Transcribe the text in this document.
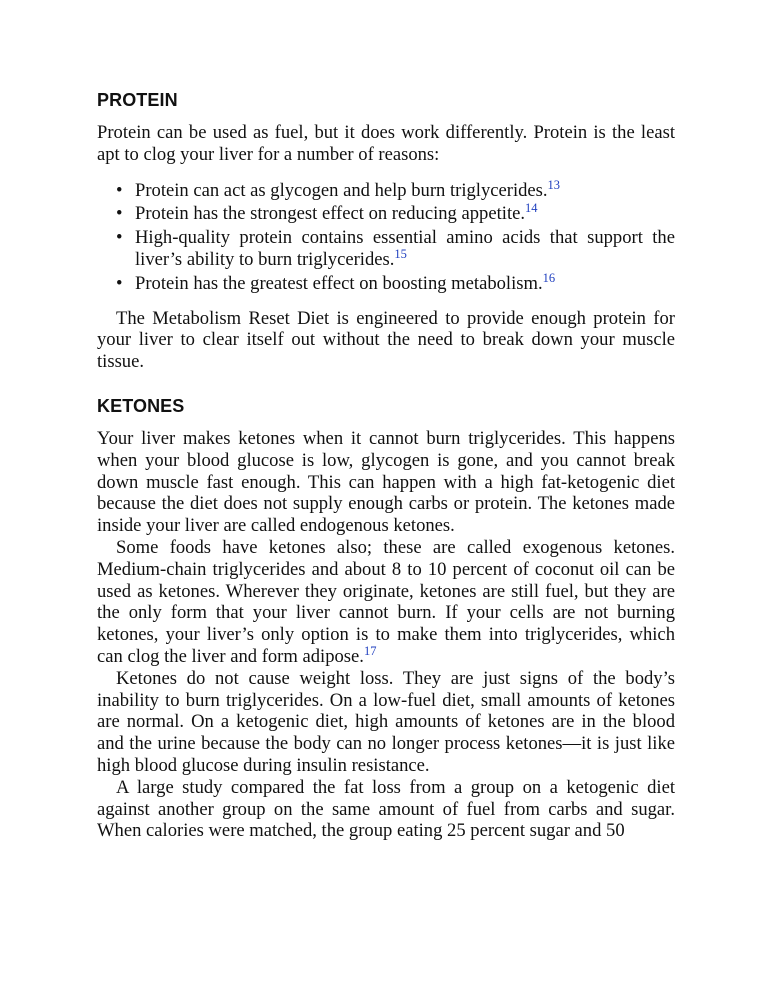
PROTEIN

Protein can be used as fuel, but it does work differently. Protein is the least apt to clog your liver for a number of reasons:

• Protein can act as glycogen and help burn triglycerides.$^{13}$
• Protein has the strongest effect on reducing appetite.$^{14}$
• High-quality protein contains essential amino acids that support the liver’s ability to burn triglycerides.$^{15}$
• Protein has the greatest effect on boosting metabolism.$^{16}$

The Metabolism Reset Diet is engineered to provide enough protein for your liver to clear itself out without the need to break down your muscle tissue.

KETONES

Your liver makes ketones when it cannot burn triglycerides. This happens when your blood glucose is low, glycogen is gone, and you cannot break down muscle fast enough. This can happen with a high fat-ketogenic diet because the diet does not supply enough carbs or protein. The ketones made inside your liver are called endogenous ketones.

Some foods have ketones also; these are called exogenous ketones. Medium-chain triglycerides and about 8 to 10 percent of coconut oil can be used as ketones. Wherever they originate, ketones are still fuel, but they are the only form that your liver cannot burn. If your cells are not burning ketones, your liver’s only option is to make them into triglycerides, which can clog the liver and form adipose.$^{17}$

Ketones do not cause weight loss. They are just signs of the body’s inability to burn triglycerides. On a low-fuel diet, small amounts of ketones are normal. On a ketogenic diet, high amounts of ketones are in the blood and the urine because the body can no longer process ketones—it is just like high blood glucose during insulin resistance.

A large study compared the fat loss from a group on a ketogenic diet against another group on the same amount of fuel from carbs and sugar. When calories were matched, the group eating 25 percent sugar and 50
